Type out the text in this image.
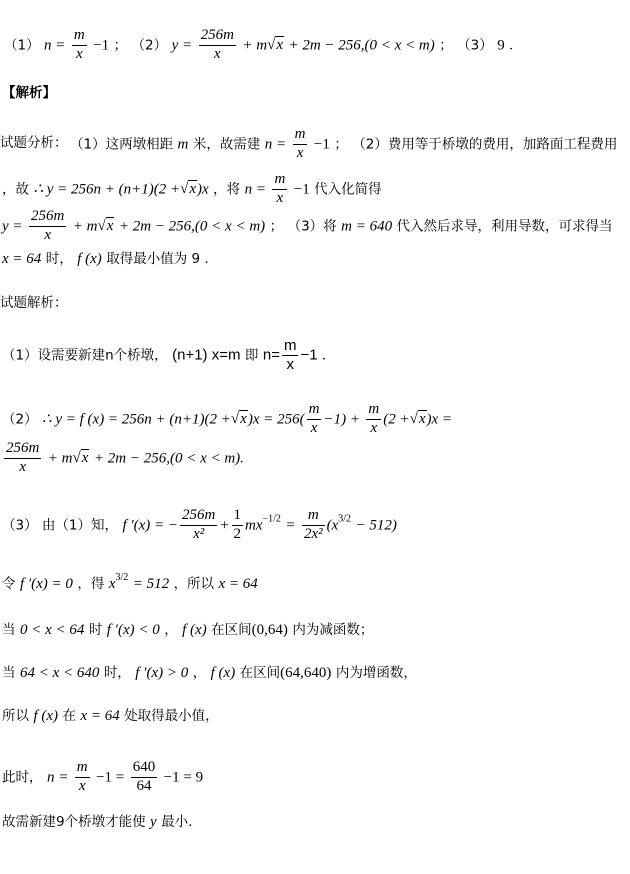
（1） $n = \frac{m}{x} -1$ ； （2） $y = \frac{256m}{x} + m√x + 2m - 256,(0 < x < m)$ ； （3） 9 .
【解析】
试题分析： （1）这两墩相距 m 米，故需建 $n = \frac{m}{x} -1$ ； （2）费用等于桥墩的费用，加路面工程费用
，故 ∴ y = 256n + (n+1)(2 +√x)x ，将 $n = \frac{m}{x} -1$ 代入化简得
$y = \frac{256m}{x} + m√x + 2m - 256,(0 < x < m)$ ； （3）将 m = 640 代入然后求导，利用导数，可求得当
x = 64 时， f (x) 取得最小值为 9 .
试题解析：
（1）设需要新建n个桥墩， (n+1) x=m 即 $n= \frac{m}{x} -1$ .
（2） ∴ y = f $(x) = 256n + (n+1)(2 +√x)x = 256( \frac{m}{x} -1) + \frac{m}{x} (2 +√x)x$ =
$\frac{256m}{x} + m√x + 2m - 256,(0 < x < m)$.
（3） 由（1）知， f ′(x) = − $\frac{256m}{\text{x²}} + \frac{1}{2} mx^{-1/2} = \frac{m}{\text{2x²}} (x^{3/2} - 512)$
令 f ′(x) = 0 ，得 $x^{3/2} = 512$ ，所以 x = 64
当 0 < x < 64 时 f ′(x) < 0 ， f (x) 在区间(0,64) 内为减函数；
当 64 < x < 640 时， f ′(x) > 0 ， f (x) 在区间(64,640) 内为增函数，
所以 f (x) 在 x = 64 处取得最小值，
此时， $n = \frac{m}{x} -1 = \frac{640}{64} -1 = 9$
故需新建9个桥墩才能使 y 最小.
